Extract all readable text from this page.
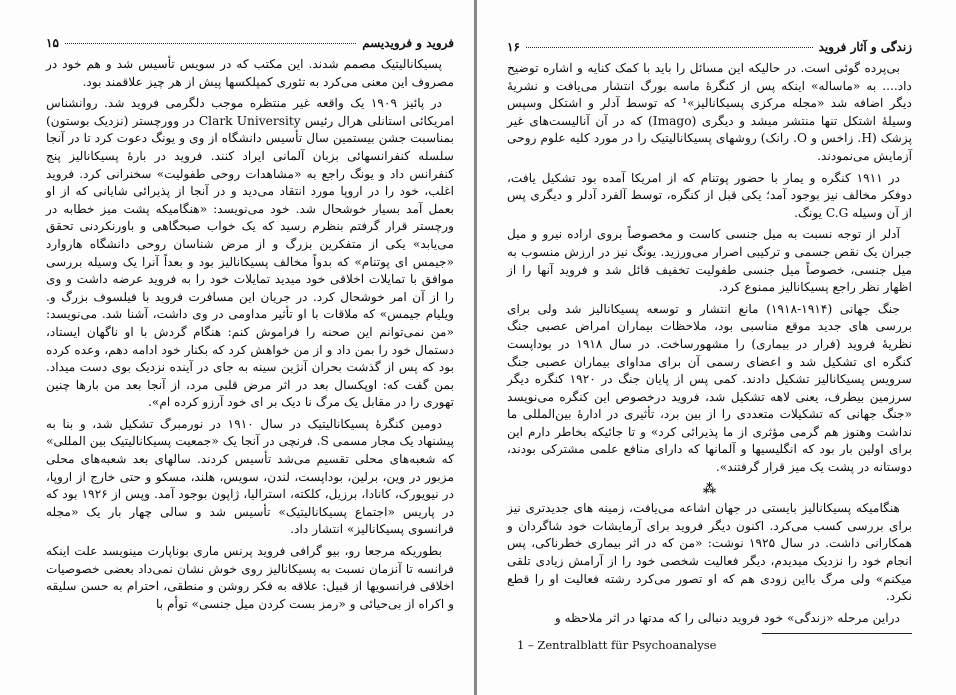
۱۵	فروید و فرویدیسم

پسیکانالیتیک مصمم شدند. این مکتب که در سویس تأسیس شد و هم خود در مصروف این معنی می‌کرد به تئوری کمپلکسها پیش از هر چیز علاقمند بود.

در پائیز ۱۹۰۹ یک واقعه غیر منتظره موجب دلگرمی فروید شد. روانشناس امریکائی استانلی هرال رئیس Clark University در وورچستر (نزدیک بوستون) بمناسبت جشن بیستمین سال تأسیس دانشگاه از وی و یونگ دعوت کرد تا در آنجا سلسله کنفرانسهائی بزبان آلمانی ایراد کنند. فروید در بارهٔ پسیکانالیز پنج کنفرانس داد و یونگ راجع به «مشاهدات روحی طفولیت» سخنرانی کرد. فروید اغلب، خود را در اروپا مورد انتقاد می‌دید و در آنجا از پذیرائی شایانی که از او بعمل آمد بسیار خوشحال شد. خود می‌نویسد: «هنگامیکه پشت میز خطابه در ورچستر قرار گرفتم بنظرم رسید که یک خواب صبحگاهی و باورنکردنی تحقق می‌یابد» یکی از متفکرین بزرگ و از مرض شناسان روحی دانشگاه هاروارد «جیمس ای پوتنام» که بدواً مخالف پسیکانالیز بود و بعداً آنرا یک وسیله بررسی موافق با تمایلات اخلاقی خود میدید تمایلات خود را به فروید عرضه داشت و وی را از آن امر خوشحال کرد. در جریان این مسافرت فروید با فیلسوف بزرگ و. ویلیام جیمس» که ملاقات با او تأثیر مداومی در وی داشت، آشنا شد. می‌نویسد: «من نمی‌توانم این صحنه را فراموش کنم: هنگام گردش با او ناگهان ایستاد، دستمال خود را بمن داد و از من خواهش کرد که بکنار خود ادامه دهم، وعده کرده بود که پس از گذشت بحران آنژین سینه به جای در آینده نزدیک بوی دست میداد. بمن گفت که: اوپکسال بعد در اثر مرض قلبی مرد، از آنجا بعد من بارها چنین تهوری را در مقابل یک مرگ نا دیک بر ای خود آرزو کرده ام».

دومین کنگرهٔ پسیکانالیتیک در سال ۱۹۱۰ در نورمبرگ تشکیل شد، و بنا به پیشنهاد یک مجار مسمی S. فرنچی در آنجا یک «جمعیت پسیکانالیتیک بین المللی» که شعبه‌های محلی تقسیم می‌شد تأسیس کردند. سالهای بعد شعبه‌های محلی مزبور در وین، برلین، بوداپست، لندن، سویس، هلند، مسکو و حتی خارج از اروپا، در نیویورک، کانادا، برزیل، کلکته، استرالیا، ژاپون بوجود آمد. وپس از ۱۹۲۶ بود که در پاریس «اجتماع پسیکانالیتیک» تأسیس شد و سالی چهار بار یک «مجله فرانسوی پسیکانالیز» انتشار داد.

بطوریکه مرجعا رو، بیو گرافی فروید پرنس ماری بوناپارت مینویسد علت اینکه فرانسه تا آنزمان نسبت به پسیکانالیز روی خوش نشان نمی‌داد بعضی خصوصیات اخلاقی فرانسویها از قبیل: علاقه به فکر روشن و منطقی، احترام به حسن سلیقه و اکراه از بی‌حیائی و «رمز بست کردن میل جنسی» توأم با

۱۶	زندگی و آثار فروید

بی‌پرده گوئی است. در حالیکه این مسائل را باید با کمک کنایه و اشاره توضیح داد.... به «ماساله» اینکه پس از کنگرهٔ ماسه بورگ انتشار می‌یافت و نشریهٔ دیگر اضافه شد «مجله مرکزی پسیکانالیز»¹ که توسط آدلر و اشتکل وسپس وسیلهٔ اشتکل تنها منتشر میشد و دیگری (Imago) که در آن آنالیست‌های غیر پزشک (H. زاخس و O. رانک) روشهای پسیکانالیتیک را در مورد کلیه علوم روحی آزمایش می‌نمودند.

در ۱۹۱۱ کنگره و یمار با حضور پوتنام که از امریکا آمده بود تشکیل یافت، دوفکر مخالف نیز بوجود آمد؛ یکی قبل از کنگره، توسط آلفرد آدلر و دیگری پس از آن وسیله C.G یونگ.

آدلر از توجه نسبت به میل جنسی کاست و مخصوصاً بروی اراده نیرو و میل جبران یک نقص جسمی و ترکیبی اصرار می‌ورزید. یونگ نیز در ارزش منسوب به میل جنسی، خصوصاً میل جنسی طفولیت تخفیف قائل شد و فروید آنها را از اظهار نظر راجع پسیکانالیز ممنوع کرد.

جنگ جهانی (۱۹۱۴-۱۹۱۸) مانع انتشار و توسعه پسیکانالیز شد ولی برای بررسی های جدید موقع مناسبی بود، ملاحظات بیماران امراض عصبی جنگ نظریهٔ فروید (فرار در بیماری) را مشهورساخت. در سال ۱۹۱۸ در بوداپست کنگره ای تشکیل شد و اعضای رسمی آن برای مداوای بیماران عصبی جنگ سرویس پسیکانالیز تشکیل دادند. کمی پس از پایان جنگ در ۱۹۲۰ کنگره دیگر سرزمین بیطرف، یعنی لاهه تشکیل شد، فروید درخصوص این کنگره می‌نویسد «جنگ جهانی که تشکیلات متعددی را از بین برد، تأثیری در ادارهٔ بین‌المللی ما نداشت وهنوز هم گرمی مؤثری از ما پذیرائی کرد» و تا جائیکه بخاطر دارم این برای اولین بار بود که انگلیسیها و آلمانها که دارای منافع علمی مشترکی بودند، دوستانه در پشت یک میز قرار گرفتند».

⁂

هنگامیکه پسیکانالیز بایستی در جهان اشاعه می‌یافت، زمینه های جدیدتری نیز برای بررسی کسب می‌کرد. اکنون دیگر فروید برای آرمایشات خود شاگردان و همکارانی داشت. در سال ۱۹۲۵ نوشت: «من که در اثر بیماری خطرناکی، پس انجام خود را نزدیک میدیدم، دیگر فعالیت شخصی خود را از آرامش زیادی تلقی میکنم» ولی مرگ بااین زودی هم که او تصور می‌کرد رشته فعالیت او را قطع نکرد.

دراین مرحله «زندگی» خود فروید دنبالی را که مدتها در اثر ملاحظه و

1 – Zentralblatt für Psychoanalyse
